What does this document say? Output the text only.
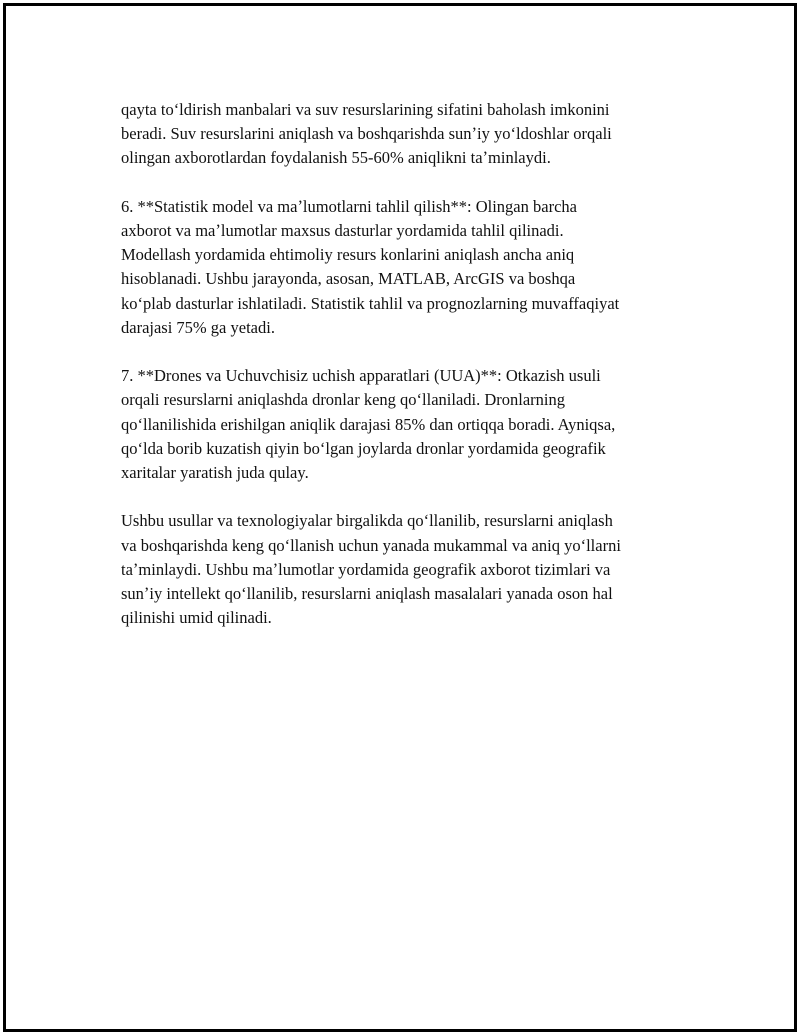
qayta toʻldirish manbalari va suv resurslarining sifatini baholash imkonini
beradi. Suv resurslarini aniqlash va boshqarishda sunʼiy yoʻldoshlar orqali
olingan axborotlardan foydalanish 55-60% aniqlikni taʼminlaydi.

6. **Statistik model va maʼlumotlarni tahlil qilish**: Olingan barcha
axborot va maʼlumotlar maxsus dasturlar yordamida tahlil qilinadi.
Modellash yordamida ehtimoliy resurs konlarini aniqlash ancha aniq
hisoblanadi. Ushbu jarayonda, asosan, MATLAB, ArcGIS va boshqa
koʻplab dasturlar ishlatiladi. Statistik tahlil va prognozlarning muvaffaqiyat
darajasi 75% ga yetadi.

7. **Drones va Uchuvchisiz uchish apparatlari (UUA)**: Otkazish usuli
orqali resurslarni aniqlashda dronlar keng qoʻllaniladi. Dronlarning
qoʻllanilishida erishilgan aniqlik darajasi 85% dan ortiqqa boradi. Ayniqsa,
qoʻlda borib kuzatish qiyin boʻlgan joylarda dronlar yordamida geografik
xaritalar yaratish juda qulay.

Ushbu usullar va texnologiyalar birgalikda qoʻllanilib, resurslarni aniqlash
va boshqarishda keng qoʻllanish uchun yanada mukammal va aniq yoʻllarni
taʼminlaydi. Ushbu maʼlumotlar yordamida geografik axborot tizimlari va
sunʼiy intellekt qoʻllanilib, resurslarni aniqlash masalalari yanada oson hal
qilinishi umid qilinadi.
